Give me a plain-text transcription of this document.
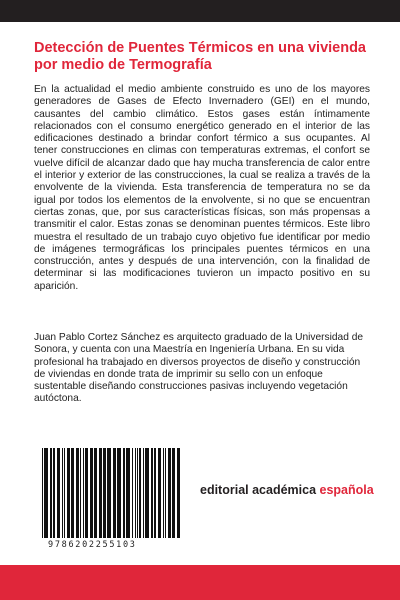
Detección de Puentes Térmicos en una vivienda por medio de Termografía

En la actualidad el medio ambiente construido es uno de los mayores generadores de Gases de Efecto Invernadero (GEI) en el mundo, causantes del cambio climático. Estos gases están íntimamente relacionados con el consumo energético generado en el interior de las edificaciones destinado a brindar confort térmico a sus ocupantes. Al tener construcciones en climas con temperaturas extremas, el confort se vuelve difícil de alcanzar dado que hay mucha transferencia de calor entre el interior y exterior de las construcciones, la cual se realiza a través de la envolvente de la vivienda. Esta transferencia de temperatura no se da igual por todos los elementos de la envolvente, si no que se encuentran ciertas zonas, que, por sus características físicas, son más propensas a transmitir el calor. Estas zonas se denominan puentes térmicos. Este libro muestra el resultado de un trabajo cuyo objetivo fue identificar por medio de imágenes termográficas los principales puentes térmicos en una construcción, antes y después de una intervención, con la finalidad de determinar si las modificaciones tuvieron un impacto positivo en su aparición.

Juan Pablo Cortez Sánchez es arquitecto graduado de la Universidad de Sonora, y cuenta con una Maestría en Ingeniería Urbana. En su vida profesional ha trabajado en diversos proyectos de diseño y construcción de viviendas en donde trata de imprimir su sello con un enfoque sustentable diseñando construcciones pasivas incluyendo vegetación autóctona.

9786202255103
editorial académica española
